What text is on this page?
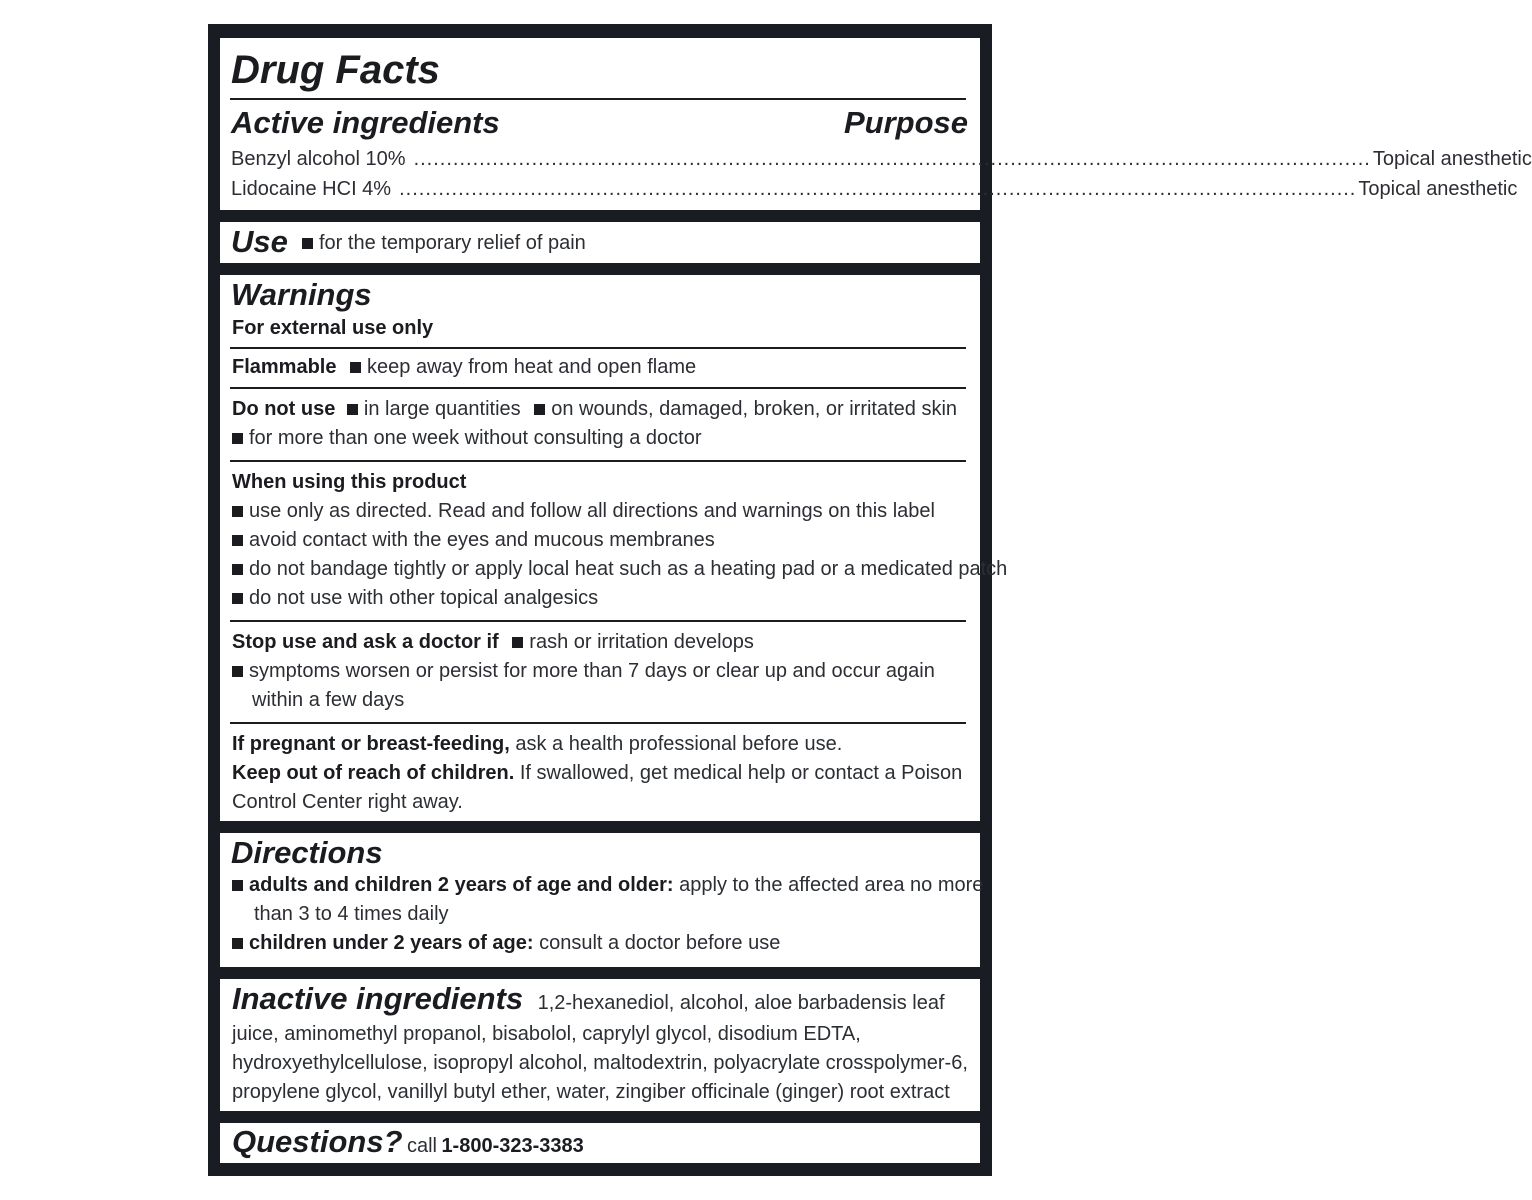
Drug Facts
Active ingredients	Purpose
Benzyl alcohol 10% .................................................................................................................................................. Topical anesthetic
Lidocaine HCI 4% .................................................................................................................................................. Topical anesthetic
Use	for the temporary relief of pain
Warnings
For external use only
Flammable keep away from heat and open flame
Do not use in large quantities on wounds, damaged, broken, or irritated skin
for more than one week without consulting a doctor
When using this product
use only as directed. Read and follow all directions and warnings on this label
avoid contact with the eyes and mucous membranes
do not bandage tightly or apply local heat such as a heating pad or a medicated patch
do not use with other topical analgesics
Stop use and ask a doctor if rash or irritation develops
symptoms worsen or persist for more than 7 days or clear up and occur again
within a few days
If pregnant or breast-feeding, ask a health professional before use.
Keep out of reach of children. If swallowed, get medical help or contact a Poison
Control Center right away.
Directions
adults and children 2 years of age and older: apply to the affected area no more
than 3 to 4 times daily
children under 2 years of age: consult a doctor before use
Inactive ingredients 1,2-hexanediol, alcohol, aloe barbadensis leaf
juice, aminomethyl propanol, bisabolol, caprylyl glycol, disodium EDTA,
hydroxyethylcellulose, isopropyl alcohol, maltodextrin, polyacrylate crosspolymer-6,
propylene glycol, vanillyl butyl ether, water, zingiber officinale (ginger) root extract
Questions? call 1-800-323-3383
